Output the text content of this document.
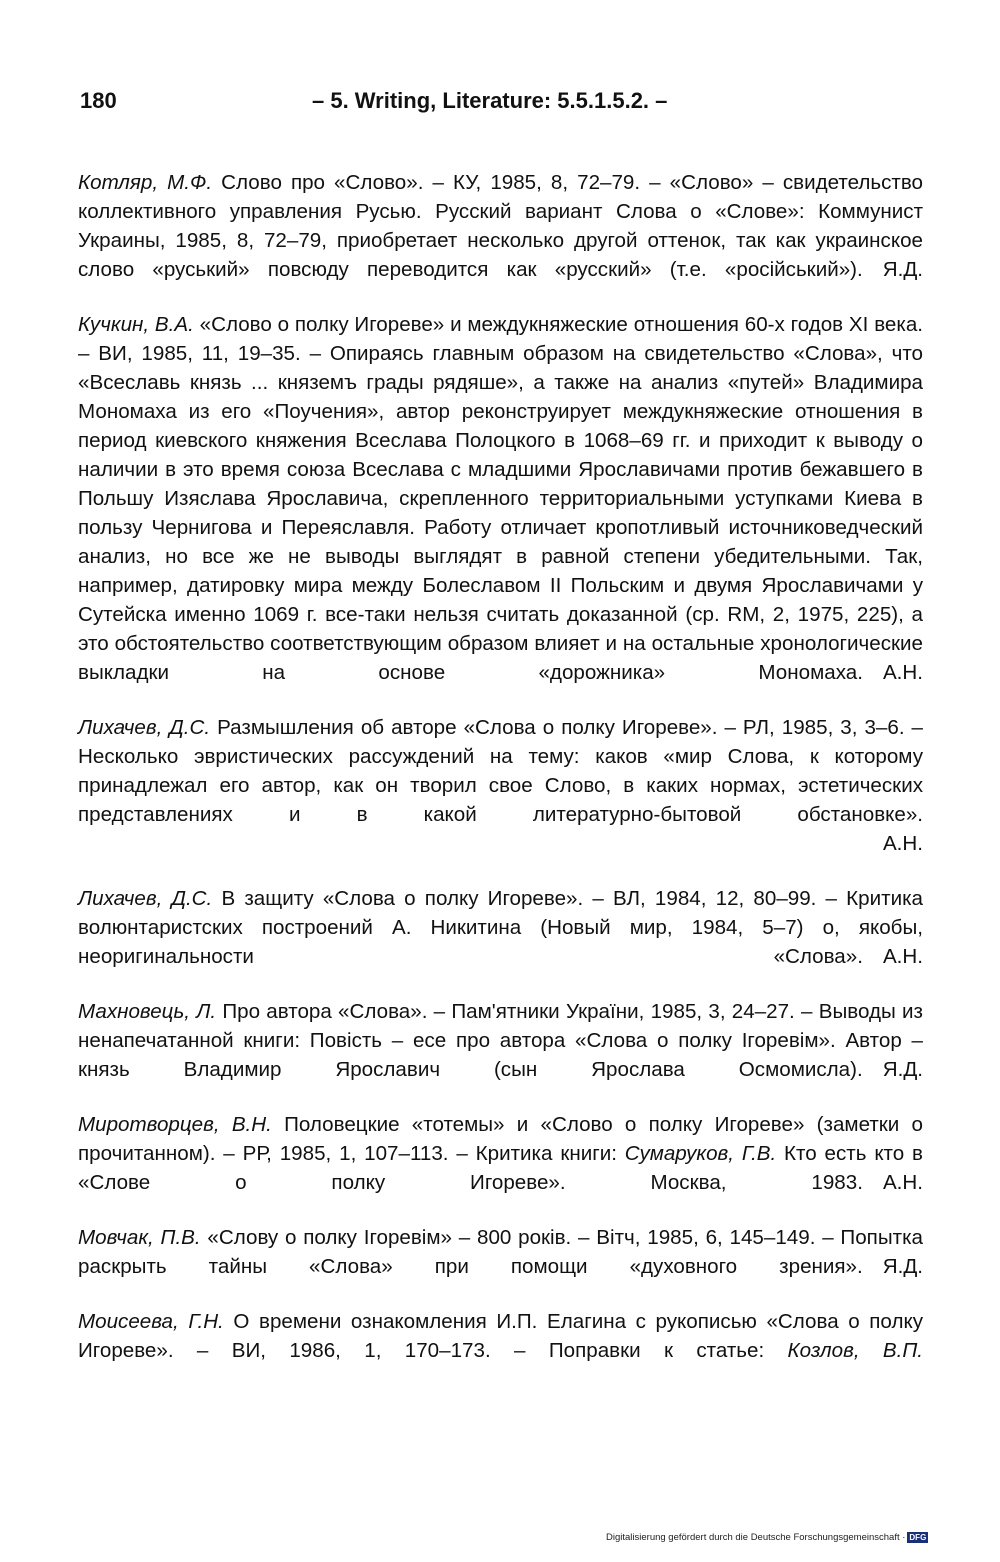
180	– 5. Writing, Literature: 5.5.1.5.2. –

Котляр, М.Ф. Слово про «Слово». – КУ, 1985, 8, 72–79. – «Слово» – свидетельство коллективного управления Русью. Русский вариант Слова о «Слове»: Коммунист Украины, 1985, 8, 72–79, приобретает несколько другой оттенок, так как украинское слово «руський» повсюду переводится как «русский» (т.е. «російський»). Я.Д.

Кучкин, В.А. «Слово о полку Игореве» и междукняжеские отношения 60-х годов XI века. – ВИ, 1985, 11, 19–35. – Опираясь главным образом на свидетельство «Слова», что «Всеславь князь ... княземъ грады рядяше», а также на анализ «путей» Владимира Мономаха из его «Поучения», автор реконструирует междукняжеские отношения в период киевского княжения Всеслава Полоцкого в 1068–69 гг. и приходит к выводу о наличии в это время союза Всеслава с младшими Ярославичами против бежавшего в Польшу Изяслава Ярославича, скрепленного территориальными уступками Киева в пользу Чернигова и Переяславля. Работу отличает кропотливый источниковедческий анализ, но все же не выводы выглядят в равной степени убедительными. Так, например, датировку мира между Болеславом II Польским и двумя Ярославичами у Сутейска именно 1069 г. все-таки нельзя считать доказанной (ср. RM, 2, 1975, 225), а это обстоятельство соответствующим образом влияет и на остальные хронологические выкладки на основе «дорожника» Мономаха. А.Н.

Лихачев, Д.С. Размышления об авторе «Слова о полку Игореве». – РЛ, 1985, 3, 3–6. – Несколько эвристических рассуждений на тему: каков «мир Слова, к которому принадлежал его автор, как он творил свое Слово, в каких нормах, эстетических представлениях и в какой литературно-бытовой обстановке».
А.Н.

Лихачев, Д.С. В защиту «Слова о полку Игореве». – ВЛ, 1984, 12, 80–99. – Критика волюнтаристских построений А. Никитина (Новый мир, 1984, 5–7) о, якобы, неоригинальности «Слова». А.Н.

Махновець, Л. Про автора «Слова». – Пам'ятники України, 1985, 3, 24–27. – Выводы из ненапечатанной книги: Повість – есе про автора «Слова о полку Ігоревім». Автор – князь Владимир Ярославич (сын Ярослава Осмомисла). Я.Д.

Миротворцев, В.Н. Половецкие «тотемы» и «Слово о полку Игореве» (заметки о прочитанном). – РР, 1985, 1, 107–113. – Критика книги: Сумаруков, Г.В. Кто есть кто в «Слове о полку Игореве». Москва, 1983. А.Н.

Мовчак, П.В. «Слову о полку Ігоревім» – 800 років. – Вітч, 1985, 6, 145–149. – Попытка раскрыть тайны «Слова» при помощи «духовного зрения». Я.Д.

Моисеева, Г.Н. О времени ознакомления И.П. Елагина с рукописью «Слова о полку Игореве». – ВИ, 1986, 1, 170–173. – Поправки к статье: Козлов, В.П.

Digitalisierung gefördert durch die Deutsche Forschungsgemeinschaft · DFG
